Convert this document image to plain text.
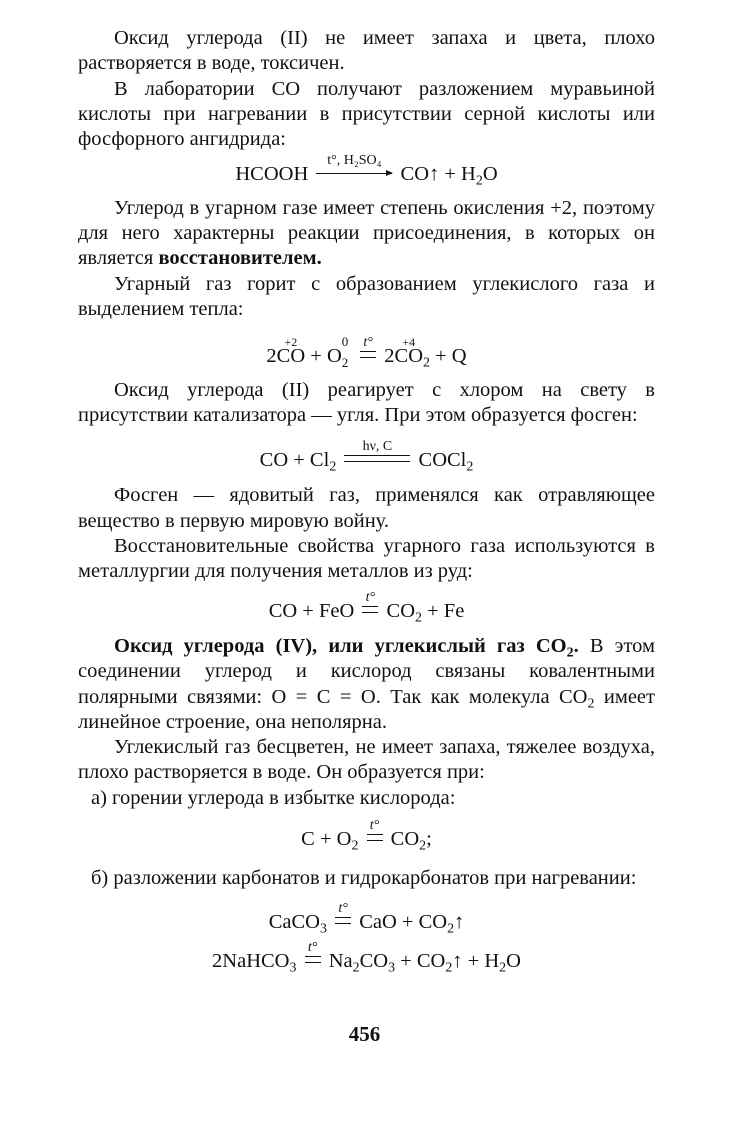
Оксид углерода (II) не имеет запаха и цвета, плохо растворяется в воде, токсичен.

В лаборатории CO получают разложением муравьиной кислоты при нагревании в присутствии серной кислоты или фосфорного ангидрида:

HCOOH
t°, H₂SO₄
CO↑ + $H_2O$

Углерод в угарном газе имеет степень окисления +2, поэтому для него характерны реакции присоединения, в которых он является восстановителем.

Угарный газ горит с образованием углекислого газа и выделением тепла:

2
+2
CO + O
0
2

t°
2
+4
$CO_2 + Q$

Оксид углерода (II) реагирует с хлором на свету в присутствии катализатора — угля. При этом образуется фосген:

CO + $Cl_2$
hν, C
COCl$_2$

Фосген — ядовитый газ, применялся как отравляющее вещество в первую мировую войну.

Восстановительные свойства угарного газа используются в металлургии для получения металлов из руд:

CO + FeO
t°
$CO_2 + Fe$

Оксид углерода (IV), или углекислый газ $CO_2$. В этом соединении углерод и кислород связаны ковалентными полярными связями: O = C = O. Так как молекула $CO_2$ имеет линейное строение, она неполярна.

Углекислый газ бесцветен, не имеет запаха, тяжелее воздуха, плохо растворяется в воде. Он образуется при:

а) горении углерода в избытке кислорода:

$C + O_2$
t°
$CO_2$;

б) разложении карбонатов и гидрокарбонатов при нагревании:

CaCO$_3$
t°
CaO + $CO_2↑$
2NaHCO$_3$
t°
$Na_2CO_3$ + $CO_2↑ + H_2O$
456
